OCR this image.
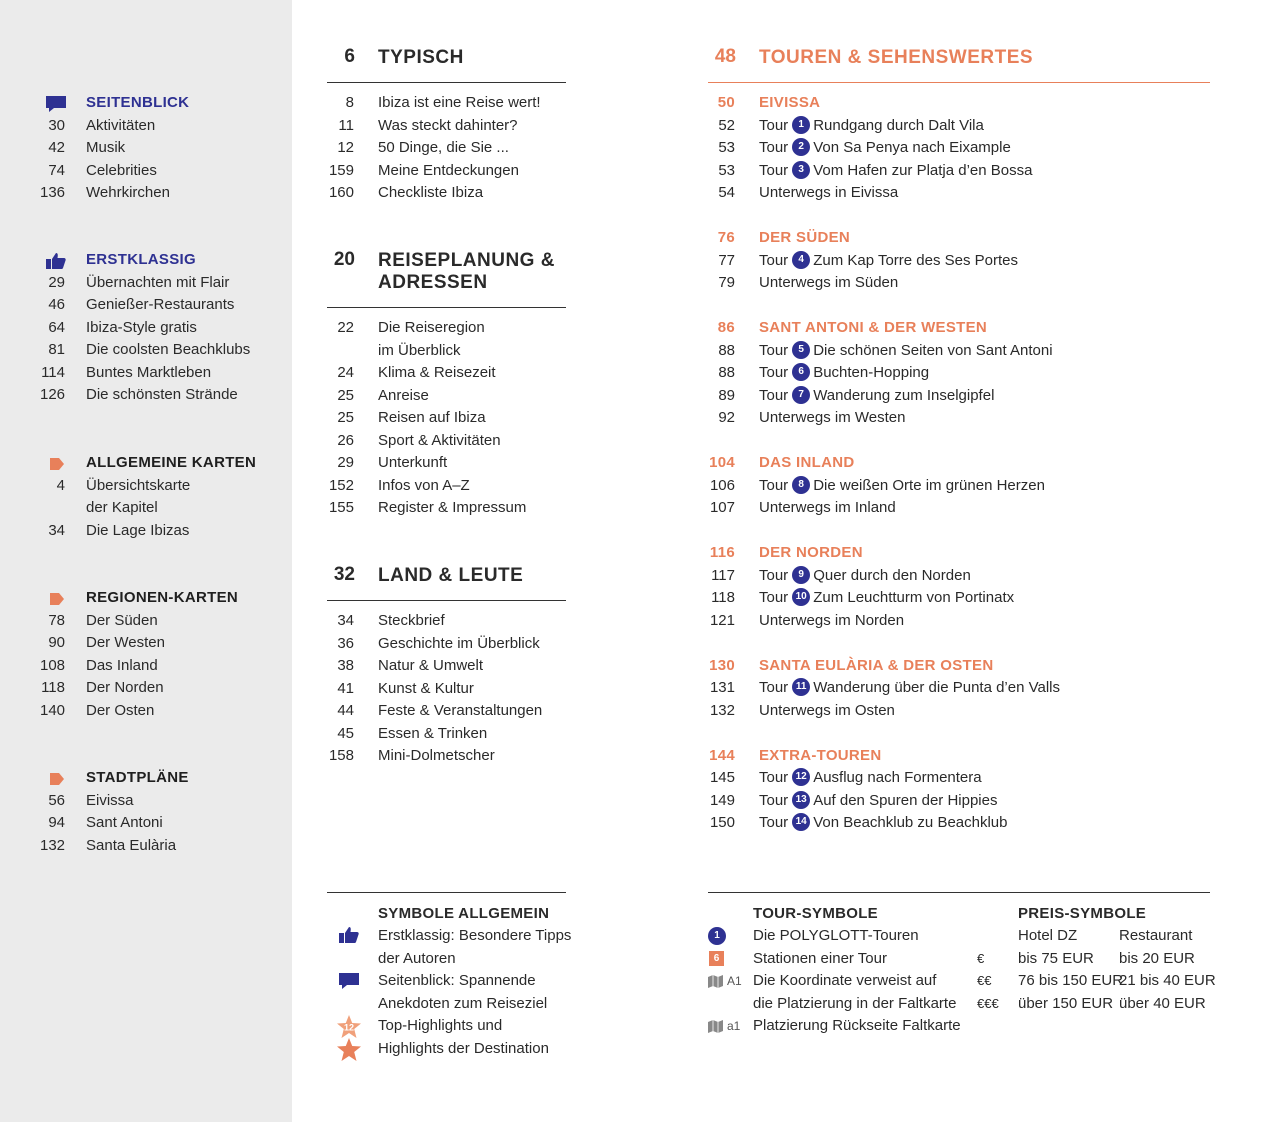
SEITENBLICK
30 Aktivitäten
42 Musik
74 Celebrities
136 Wehrkirchen
ERSTKLASSIG
29 Übernachten mit Flair
46 Genießer-Restaurants
64 Ibiza-Style gratis
81 Die coolsten Beachklubs
114 Buntes Marktleben
126 Die schönsten Strände
ALLGEMEINE KARTEN
4 Übersichtskarte
der Kapitel
34 Die Lage Ibizas
REGIONEN-KARTEN
78 Der Süden
90 Der Westen
108 Das Inland
118 Der Norden
140 Der Osten
STADTPLÄNE
56 Eivissa
94 Sant Antoni
132 Santa Eulària
6 TYPISCH
8 Ibiza ist eine Reise wert!
11 Was steckt dahinter?
12 50 Dinge, die Sie ...
159 Meine Entdeckungen
160 Checkliste Ibiza
20 REISEPLANUNG &
ADRESSEN
22 Die Reiseregion
im Überblick
24 Klima & Reisezeit
25 Anreise
25 Reisen auf Ibiza
26 Sport & Aktivitäten
29 Unterkunft
152 Infos von A–Z
155 Register & Impressum
32 LAND & LEUTE
34 Steckbrief
36 Geschichte im Überblick
38 Natur & Umwelt
41 Kunst & Kultur
44 Feste & Veranstaltungen
45 Essen & Trinken
158 Mini-Dolmetscher
48 TOUREN & SEHENSWERTES
50 EIVISSA
52 Tour 1 Rundgang durch Dalt Vila
53 Tour 2 Von Sa Penya nach Eixample
53 Tour 3 Vom Hafen zur Platja d’en Bossa
54 Unterwegs in Eivissa
76 DER SÜDEN
77 Tour 4 Zum Kap Torre des Ses Portes
79 Unterwegs im Süden
86 SANT ANTONI & DER WESTEN
88 Tour 5 Die schönen Seiten von Sant Antoni
88 Tour 6 Buchten-Hopping
89 Tour 7 Wanderung zum Inselgipfel
92 Unterwegs im Westen
104 DAS INLAND
106 Tour 8 Die weißen Orte im grünen Herzen
107 Unterwegs im Inland
116 DER NORDEN
117 Tour 9 Quer durch den Norden
118 Tour 10 Zum Leuchtturm von Portinatx
121 Unterwegs im Norden
130 SANTA EULÀRIA & DER OSTEN
131 Tour 11 Wanderung über die Punta d’en Valls
132 Unterwegs im Osten
144 EXTRA-TOUREN
145 Tour 12 Ausflug nach Formentera
149 Tour 13 Auf den Spuren der Hippies
150 Tour 14 Von Beachklub zu Beachklub
SYMBOLE ALLGEMEIN
12
Erstklassig: Besondere Tipps
der Autoren
Seitenblick: Spannende
Anekdoten zum Reiseziel
Top-Highlights und
Highlights der Destination
TOUR-SYMBOLE
1
6
A1
a1
Die POLYGLOTT-Touren
Stationen einer Tour
Die Koordinate verweist auf
die Platzierung in der Faltkarte
Platzierung Rückseite Faltkarte
PREIS-SYMBOLE
Hotel DZ	Restaurant
€ bis 75 EUR bis 20 EUR
€€ 76 bis 150 EUR
21 bis 40 EUR
€€€ über 150 EUR über 40 EUR
